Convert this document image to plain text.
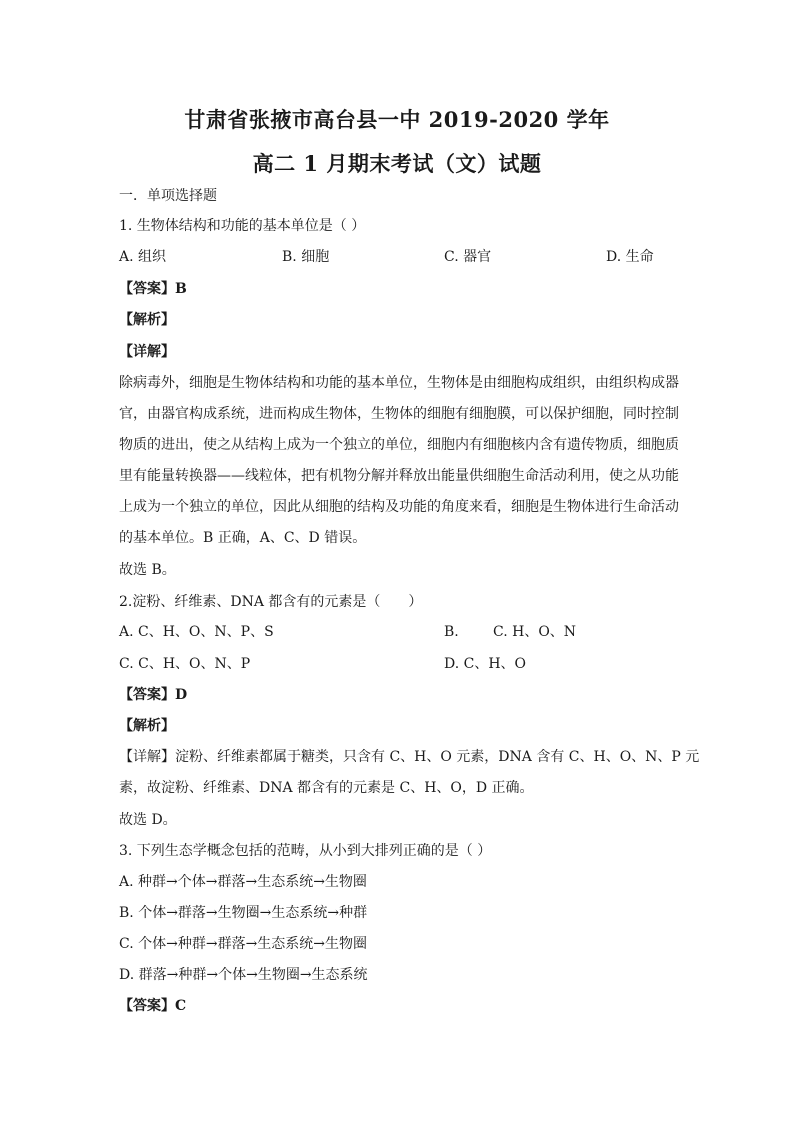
甘肃省张掖市高台县一中 2019-2020 学年
高二 1 月期末考试（文）试题
一．单项选择题
1. 生物体结构和功能的基本单位是（ ）
A. 组织	B. 细胞	C. 器官	D. 生命
【答案】B
【解析】
【详解】
除病毒外，细胞是生物体结构和功能的基本单位，生物体是由细胞构成组织，由组织构成器
官，由器官构成系统，进而构成生物体，生物体的细胞有细胞膜，可以保护细胞，同时控制
物质的进出，使之从结构上成为一个独立的单位，细胞内有细胞核内含有遗传物质，细胞质
里有能量转换器——线粒体，把有机物分解并释放出能量供细胞生命活动利用，使之从功能
上成为一个独立的单位，因此从细胞的结构及功能的角度来看，细胞是生物体进行生命活动
的基本单位。B 正确，A、C、D 错误。
故选 B。
2.淀粉、纤维素、DNA 都含有的元素是（　　）
A. C、H、O、N、P、S	B. C. H、O、N
C. C、H、O、N、P	D. C、H、O
【答案】D
【解析】
【详解】淀粉、纤维素都属于糖类，只含有 C、H、O 元素，DNA 含有 C、H、O、N、P 元
素，故淀粉、纤维素、DNA 都含有的元素是 C、H、O，D 正确。
故选 D。
3. 下列生态学概念包括的范畴，从小到大排列正确的是（ ）
A. 种群→个体→群落→生态系统→生物圈
B. 个体→群落→生物圈→生态系统→种群
C. 个体→种群→群落→生态系统→生物圈
D. 群落→种群→个体→生物圈→生态系统
【答案】C
